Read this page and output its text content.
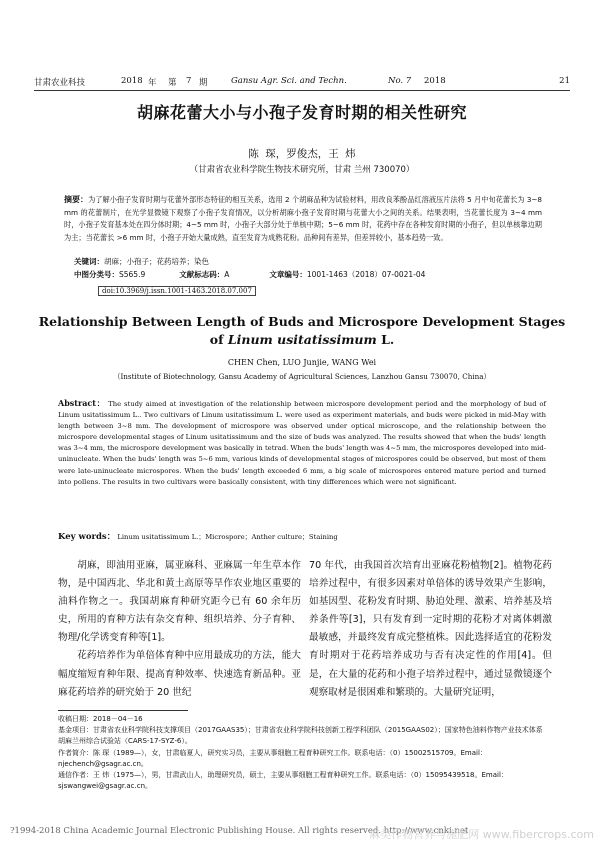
甘肃农业科技	2018 年 第 7 期	Gansu Agr. Sci. and Techn.	No. 7 2018	21
胡麻花蕾大小与小孢子发育时期的相关性研究
陈 琛，罗俊杰，王 炜
（甘肃省农业科学院生物技术研究所，甘肃 兰州 730070）
摘要：为了解小孢子发育时期与花蕾外部形态特征的相互关系，选用 2 个胡麻品种为试验材料，用改良苯酚品红溶液压片法将 5 月中旬花蕾长为 3~8 mm 的花蕾制片，在光学显微镜下观察了小孢子发育情况，以分析胡麻小孢子发育时期与花蕾大小之间的关系。结果表明，当花蕾长度为 3~4 mm 时，小孢子发育基本处在四分体时期；4~5 mm 时，小孢子大部分处于单核中期；5~6 mm 时，花药中存在各种发育时期的小孢子，但以单核靠边期为主；当花蕾长 >6 mm 时，小孢子开始大量成熟，直至发育为成熟花粉。品种间有差异，但差异较小，基本趋势一致。
关键词：胡麻；小孢子；花药培养；染色
中图分类号：S565.9	文献标志码：A	文章编号：1001-1463（2018）07-0021-04
doi:10.3969/j.issn.1001-1463.2018.07.007
Relationship Between Length of Buds and Microspore Development Stages
of Linum usitatissimum L.
CHEN Chen, LUO Junjie, WANG Wei
（Institute of Biotechnology, Gansu Academy of Agricultural Sciences, Lanzhou Gansu 730070, China）
Abstract： The study aimed at investigation of the relationship between microspore development period and the morphology of bud of Linum usitatissimum L.. Two cultivars of Linum usitatissimum L. were used as experiment materials, and buds were picked in mid-May with length between 3~8 mm. The development of microspore was observed under optical microscope, and the relationship between the microspore developmental stages of Linum usitatissimum and the size of buds was analyzed. The results showed that when the buds' length was 3~4 mm, the microspore development was basically in tetrad. When the buds' length was 4~5 mm, the microspores developed into mid-uninucleate. When the buds' length was 5~6 mm, various kinds of developmental stages of microspores could be observed, but most of them were late-uninucleate microspores. When the buds' length exceeded 6 mm, a big scale of microspores entered mature period and turned into pollens. The results in two cultivars were basically consistent, with tiny differences which were not significant.
Key words： Linum usitatissimum L.；Microspore；Anther culture；Staining

胡麻，即油用亚麻，属亚麻科、亚麻属一年生草本作物，是中国西北、华北和黄土高原等旱作农业地区重要的油料作物之一。我国胡麻育种研究距今已有 60 余年历史，所用的育种方法有杂交育种、组织培养、分子育种、物理/化学诱变育种等[1]。

花药培养作为单倍体育种中应用最成功的方法，能大幅度缩短育种年限、提高育种效率、快速选育新品种。亚麻花药培养的研究始于 20 世纪

70 年代，由我国首次培育出亚麻花粉植物[2]。植物花药培养过程中，有很多因素对单倍体的诱导效果产生影响，如基因型、花粉发育时期、胁迫处理、激素、培养基及培养条件等[3]，只有发育到一定时期的花粉才对离体刺激最敏感，并最终发育成完整植株。因此选择适宜的花粉发育时期对于花药培养成功与否有决定性的作用[4]。但是，在大量的花药和小孢子培养过程中，通过显微镜逐个观察取材是很困难和繁琐的。大量研究证明，

收稿日期：2018－04－16
基金项目：甘肃省农业科学院科技支撑项目（2017GAAS35）；甘肃省农业科学院科技创新工程学科团队（2015GAAS02）；国家特色油料作物产业技术体系胡麻兰州综合试验站（CARS-17-SYZ-6）。
作者简介：陈 琛（1989—），女，甘肃临夏人，研究实习员，主要从事细胞工程育种研究工作。联系电话：（0）15002515709。Email：njechench@gsagr.ac.cn。
通信作者：王 炜（1975—），男，甘肃武山人，助理研究员，硕士，主要从事细胞工程育种研究工作。联系电话：（0）15095439518。Email：sjswangwei@gsagr.ac.cn。
?1994-2018 China Academic Journal Electronic Publishing House. All rights reserved. http://www.cnki.net
麻类作物营养与施肥网 www.fibercrops.com
